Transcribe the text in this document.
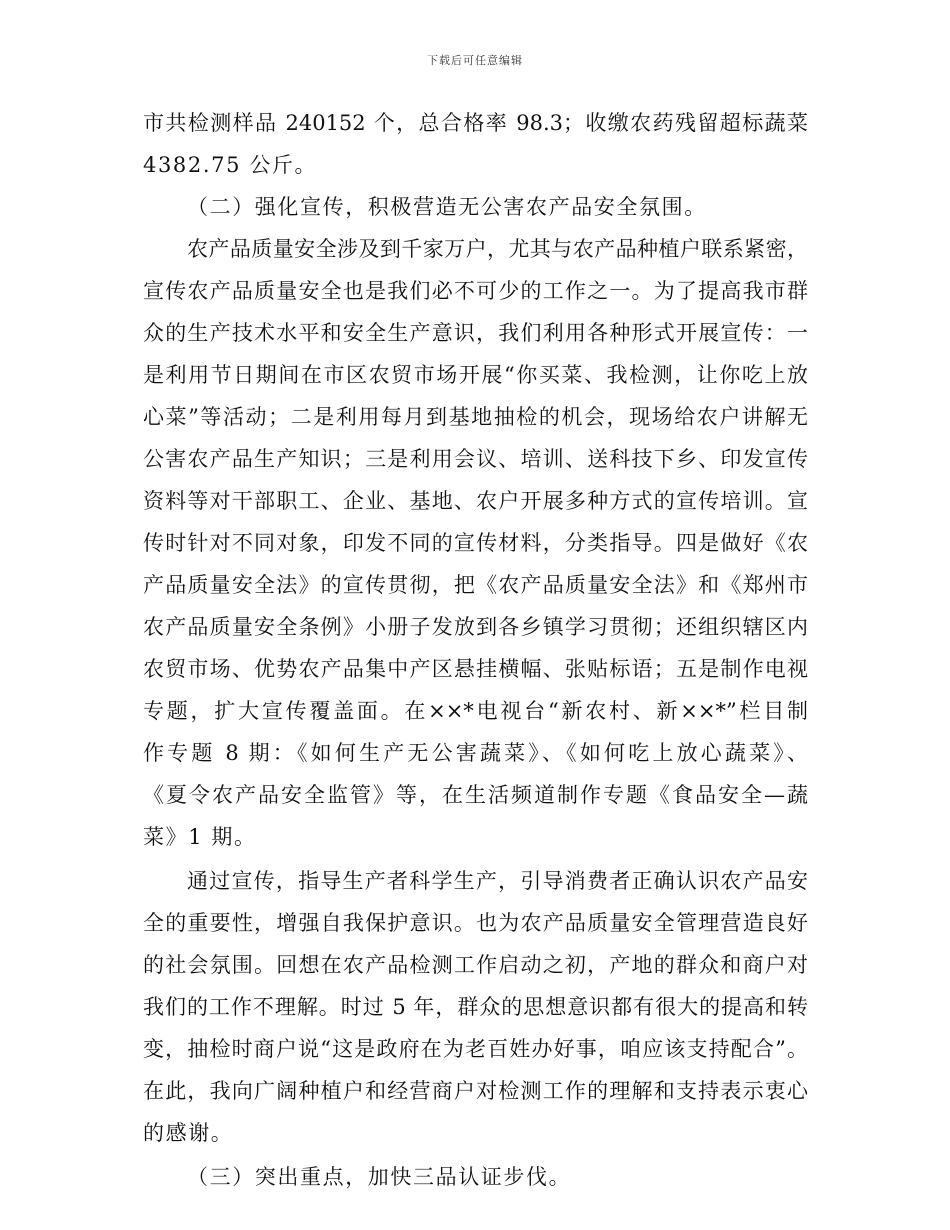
下载后可任意编辑
市共检测样品 240152 个，总合格率 98.3；收缴农药残留超标蔬菜
4382.75 公斤。
（二）强化宣传，积极营造无公害农产品安全氛围。
农产品质量安全涉及到千家万户，尤其与农产品种植户联系紧密，
宣传农产品质量安全也是我们必不可少的工作之一。为了提高我市群
众的生产技术水平和安全生产意识，我们利用各种形式开展宣传：一
是利用节日期间在市区农贸市场开展“你买菜、我检测，让你吃上放
心菜”等活动；二是利用每月到基地抽检的机会，现场给农户讲解无
公害农产品生产知识；三是利用会议、培训、送科技下乡、印发宣传
资料等对干部职工、企业、基地、农户开展多种方式的宣传培训。宣
传时针对不同对象，印发不同的宣传材料，分类指导。四是做好《农
产品质量安全法》的宣传贯彻，把《农产品质量安全法》和《郑州市
农产品质量安全条例》小册子发放到各乡镇学习贯彻；还组织辖区内
农贸市场、优势农产品集中产区悬挂横幅、张贴标语；五是制作电视
专题，扩大宣传覆盖面。在××*电视台“新农村、新××*”栏目制
作专题 8 期：《如何生产无公害蔬菜》、《如何吃上放心蔬菜》、
《夏令农产品安全监管》等，在生活频道制作专题《食品安全—蔬
菜》1 期。
通过宣传，指导生产者科学生产，引导消费者正确认识农产品安
全的重要性，增强自我保护意识。也为农产品质量安全管理营造良好
的社会氛围。回想在农产品检测工作启动之初，产地的群众和商户对
我们的工作不理解。时过 5 年，群众的思想意识都有很大的提高和转
变，抽检时商户说“这是政府在为老百姓办好事，咱应该支持配合”。
在此，我向广阔种植户和经营商户对检测工作的理解和支持表示衷心
的感谢。
（三）突出重点，加快三品认证步伐。
